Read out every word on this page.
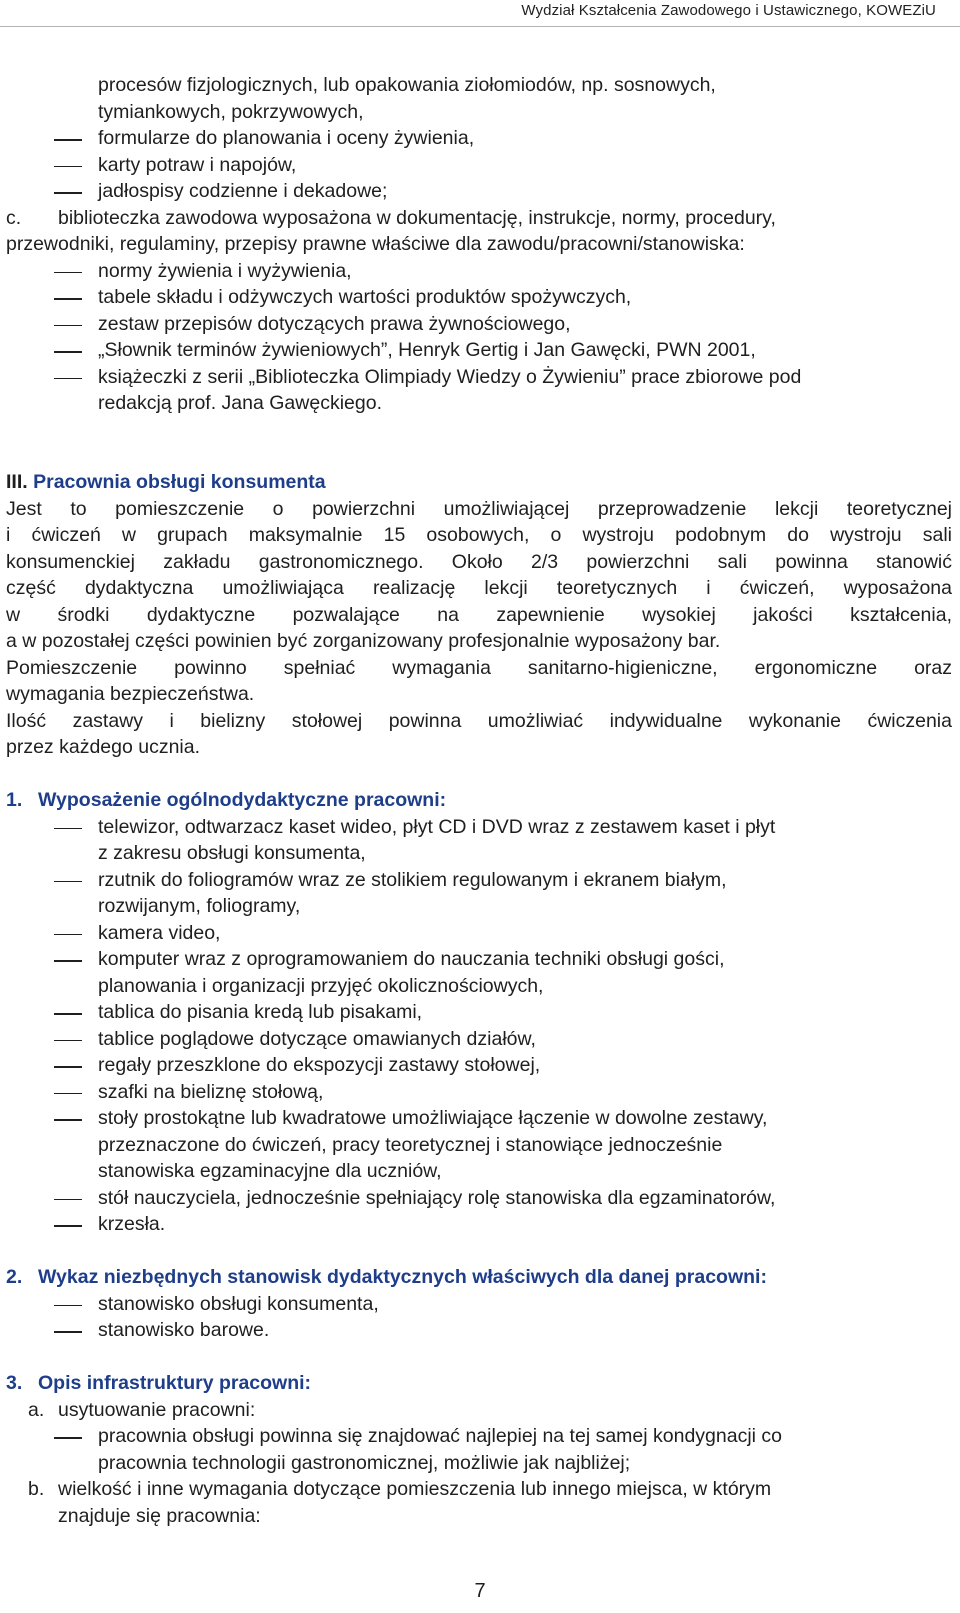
Wydział Kształcenia Zawodowego i Ustawicznego, KOWEZiU
procesów fizjologicznych, lub opakowania ziołomiodów, np. sosnowych,
tymiankowych, pokrzywowych,
formularze do planowania i oceny żywienia,
karty potraw i napojów,
jadłospisy codzienne i dekadowe;
c. biblioteczka zawodowa wyposażona w dokumentację, instrukcje, normy, procedury,
przewodniki, regulaminy, przepisy prawne właściwe dla zawodu/pracowni/stanowiska:
normy żywienia i wyżywienia,
tabele składu i odżywczych wartości produktów spożywczych,
zestaw przepisów dotyczących prawa żywnościowego,
„Słownik terminów żywieniowych”, Henryk Gertig i Jan Gawęcki, PWN 2001,
książeczki z serii „Biblioteczka Olimpiady Wiedzy o Żywieniu” prace zbiorowe pod
redakcją prof. Jana Gawęckiego.
III. Pracownia obsługi konsumenta
Jest to pomieszczenie o powierzchni umożliwiającej przeprowadzenie lekcji teoretycznej
i ćwiczeń w grupach maksymalnie 15 osobowych, o wystroju podobnym do wystroju sali
konsumenckiej zakładu gastronomicznego. Około 2/3 powierzchni sali powinna stanowić
część dydaktyczna umożliwiająca realizację lekcji teoretycznych i ćwiczeń, wyposażona
w środki dydaktyczne pozwalające na zapewnienie wysokiej jakości kształcenia,
a w pozostałej części powinien być zorganizowany profesjonalnie wyposażony bar.
Pomieszczenie powinno spełniać wymagania sanitarno-higieniczne, ergonomiczne oraz
wymagania bezpieczeństwa.
Ilość zastawy i bielizny stołowej powinna umożliwiać indywidualne wykonanie ćwiczenia
przez każdego ucznia.
1. Wyposażenie ogólnodydaktyczne pracowni:
telewizor, odtwarzacz kaset wideo, płyt CD i DVD wraz z zestawem kaset i płyt
z zakresu obsługi konsumenta,
rzutnik do foliogramów wraz ze stolikiem regulowanym i ekranem białym,
rozwijanym, foliogramy,
kamera video,
komputer wraz z oprogramowaniem do nauczania techniki obsługi gości,
planowania i organizacji przyjęć okolicznościowych,
tablica do pisania kredą lub pisakami,
tablice poglądowe dotyczące omawianych działów,
regały przeszklone do ekspozycji zastawy stołowej,
szafki na bieliznę stołową,
stoły prostokątne lub kwadratowe umożliwiające łączenie w dowolne zestawy,
przeznaczone do ćwiczeń, pracy teoretycznej i stanowiące jednocześnie
stanowiska egzaminacyjne dla uczniów,
stół nauczyciela, jednocześnie spełniający rolę stanowiska dla egzaminatorów,
krzesła.
2. Wykaz niezbędnych stanowisk dydaktycznych właściwych dla danej pracowni:
stanowisko obsługi konsumenta,
stanowisko barowe.
3. Opis infrastruktury pracowni:
a. usytuowanie pracowni:
pracownia obsługi powinna się znajdować najlepiej na tej samej kondygnacji co
pracownia technologii gastronomicznej, możliwie jak najbliżej;
b. wielkość i inne wymagania dotyczące pomieszczenia lub innego miejsca, w którym
znajduje się pracownia:
7
